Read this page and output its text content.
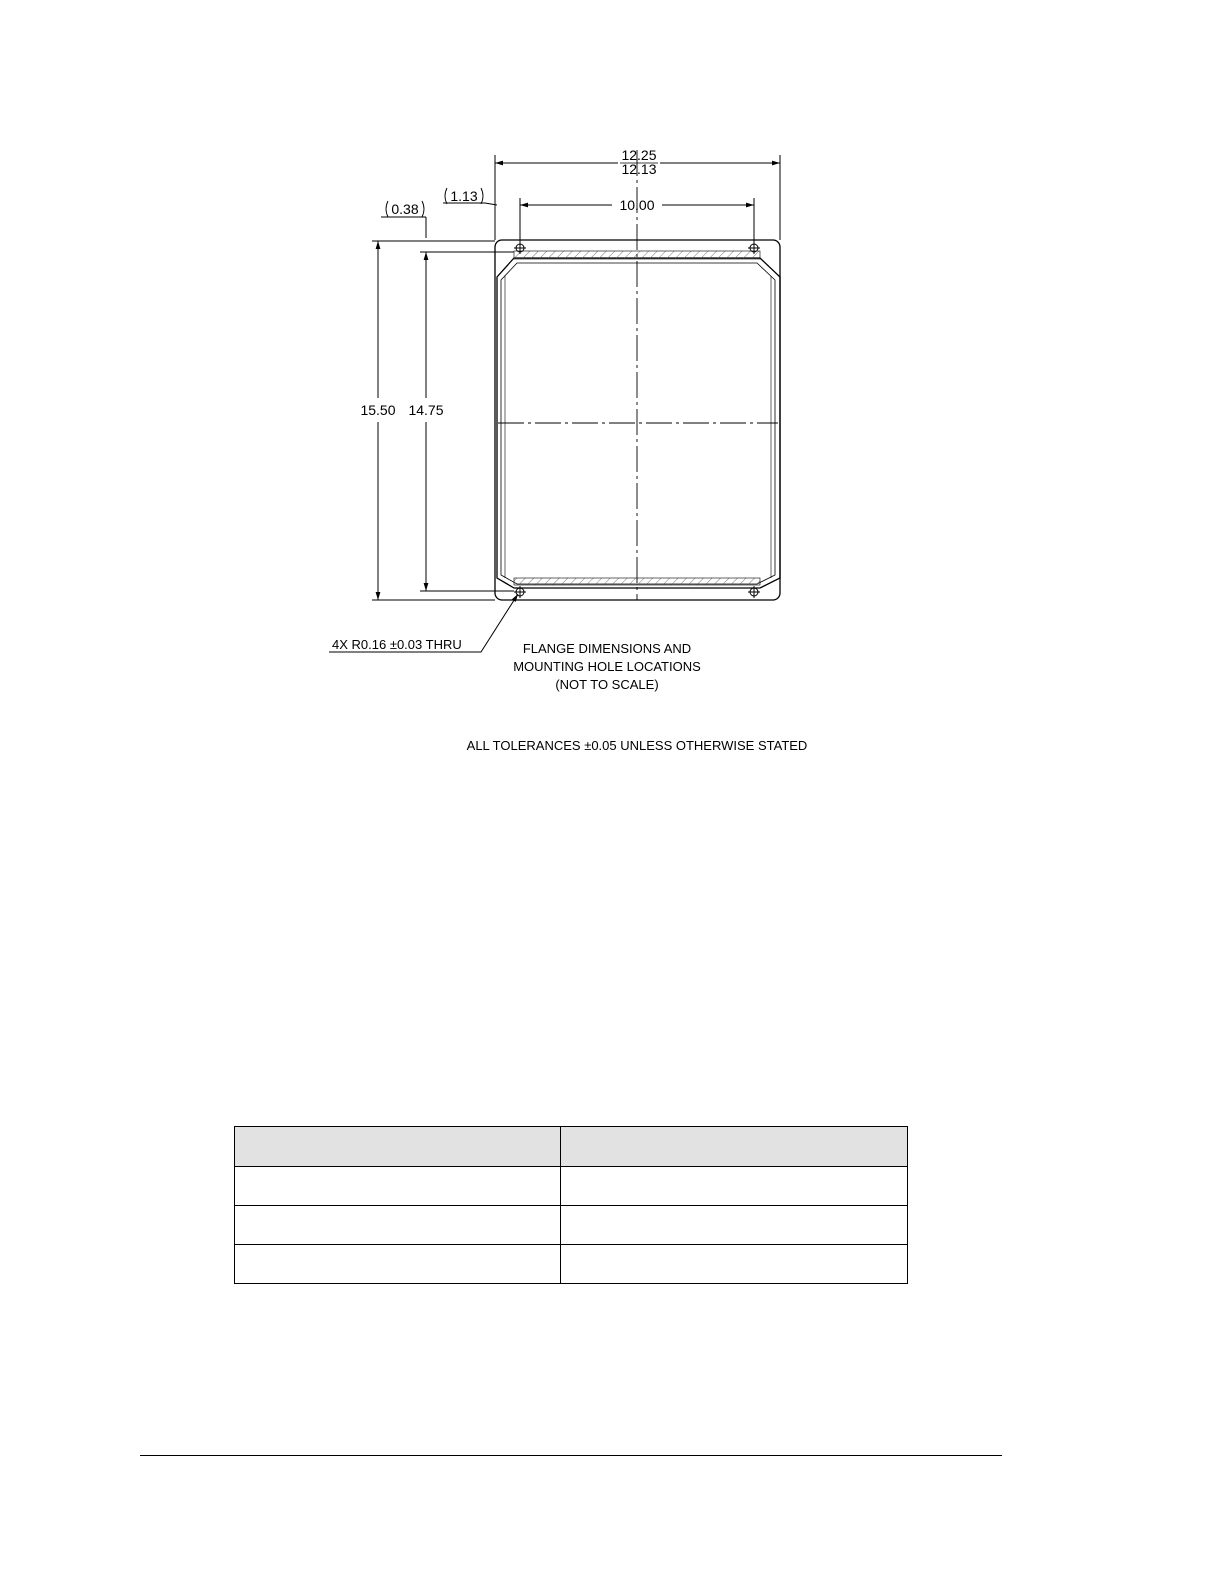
12.25
12.13
10.00
1.13
0.38
15.50 14.75
4X R0.16 ±0.03 THRU	FLANGE DIMENSIONS AND
MOUNTING HOLE LOCATIONS
(NOT TO SCALE)
ALL TOLERANCES ±0.05 UNLESS OTHERWISE STATED
